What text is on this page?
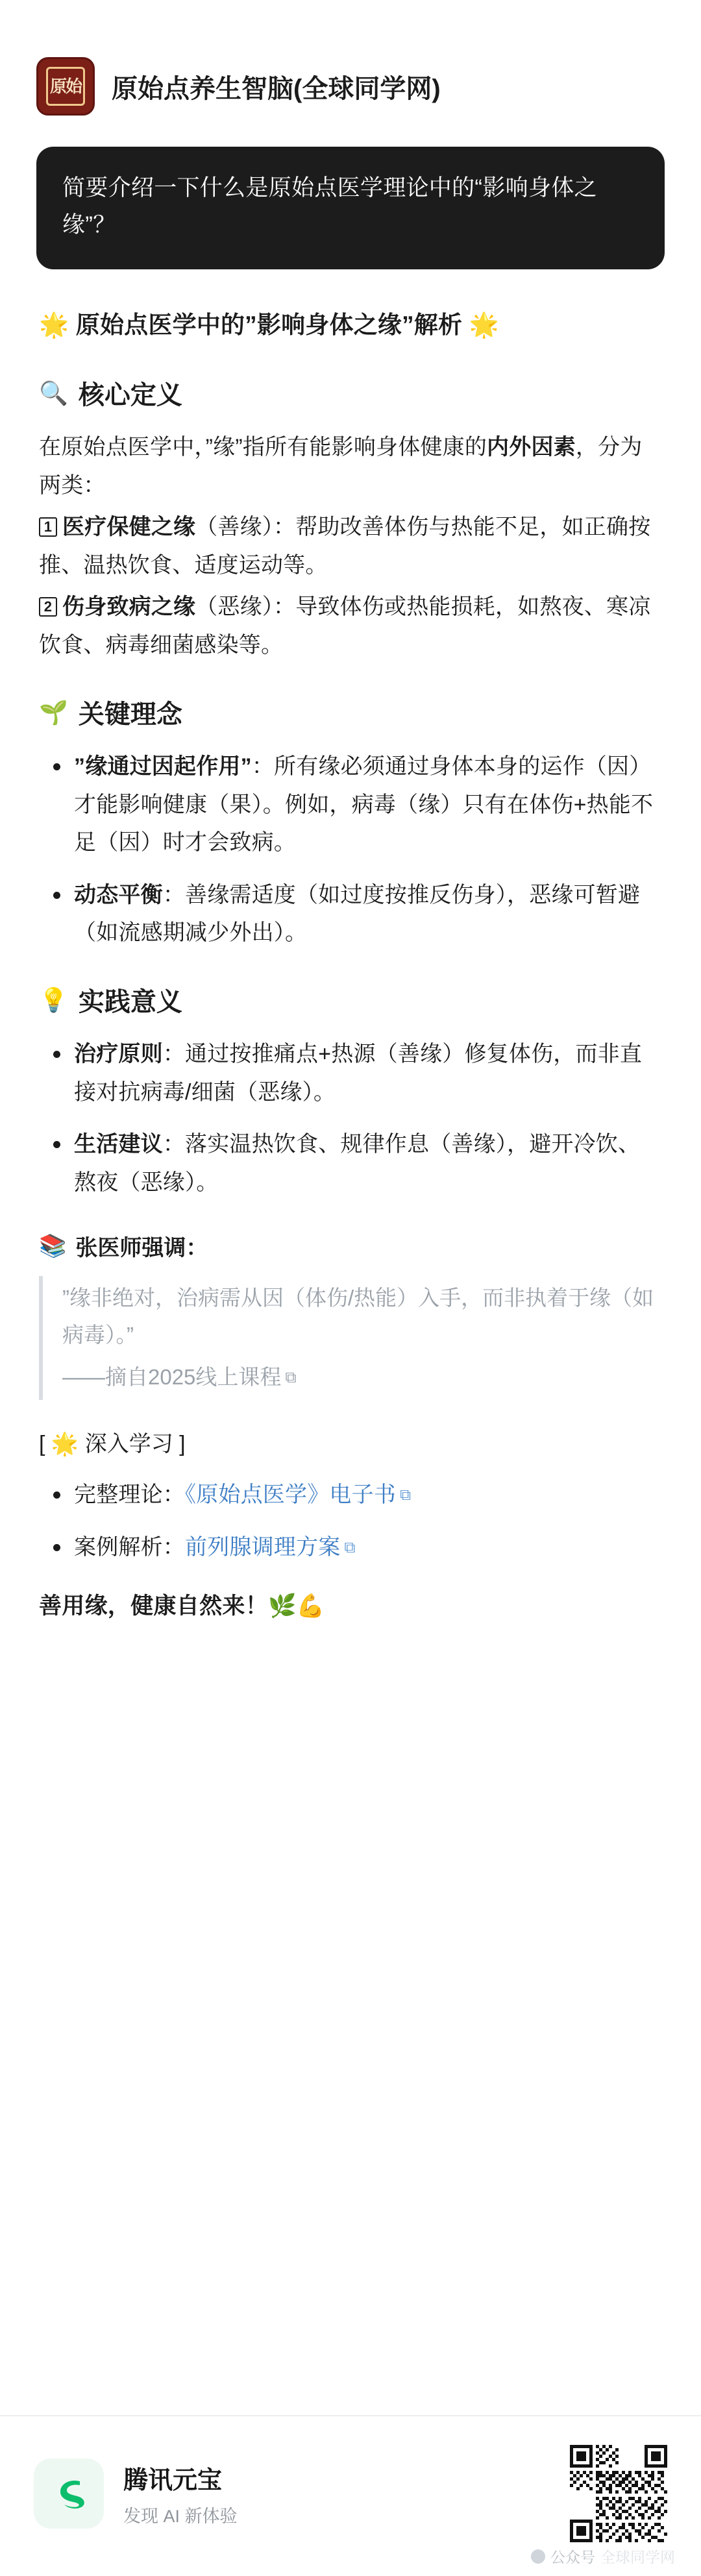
原始 原始点养生智脑(全球同学网)
简要介绍一下什么是原始点医学理论中的“影响身体之缘”？
🌟 原始点医学中的”影响身体之缘”解析 🌟
🔍 核心定义

在原始点医学中，”缘”指所有能影响身体健康的内外因素，分为两类：

1 医疗保健之缘（善缘）：帮助改善体伤与热能不足，如正确按推、温热饮食、适度运动等。

2 伤身致病之缘（恶缘）：导致体伤或热能损耗，如熬夜、寒凉饮食、病毒细菌感染等。

🌱 关键理念
”缘通过因起作用”：所有缘必须通过身体本身的运作（因）才能影响健康（果）。例如，病毒（缘）只有在体伤+热能不足（因）时才会致病。
动态平衡：善缘需适度（如过度按推反伤身），恶缘可暂避（如流感期减少外出）。
💡 实践意义
治疗原则：通过按推痛点+热源（善缘）修复体伤，而非直接对抗病毒/细菌（恶缘）。
生活建议：落实温热饮食、规律作息（善缘），避开冷饮、熬夜（恶缘）。
📚 张医师强调：
”缘非绝对，治病需从因（体伤/热能）入手，而非执着于缘（如病毒）。”
——摘自2025线上课程 ⧉
[ 🌟 深入学习 ]
完整理论：《原始点医学》电子书 ⧉
案例解析：前列腺调理方案 ⧉
善用缘，健康自然来！🌿💪
腾讯元宝
发现 AI 新体验
公众号 全球同学网
